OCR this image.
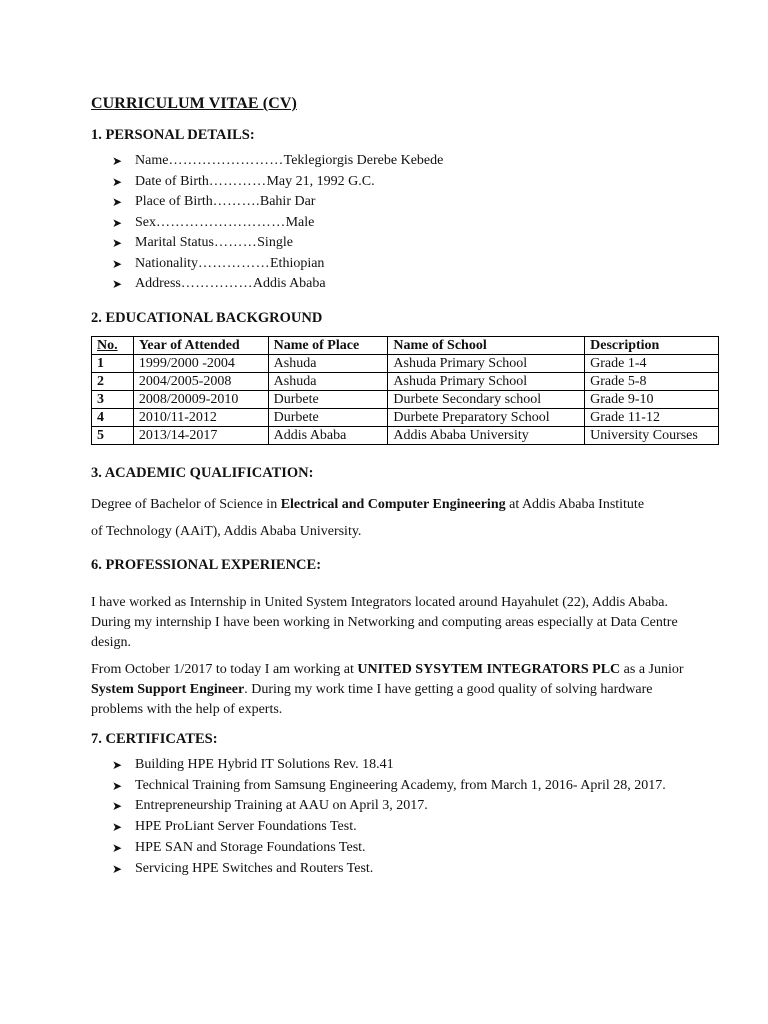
CURRICULUM VITAE (CV)
1. PERSONAL DETAILS:
➤ Name……………………Teklegiorgis Derebe Kebede
➤ Date of Birth…………May 21, 1992 G.C.
➤ Place of Birth……….Bahir Dar
➤ Sex………………………Male
➤ Marital Status………Single
➤ Nationality……………Ethiopian
➤ Address……………Addis Ababa
2. EDUCATIONAL BACKGROUND
No.	Year of Attended	Name of Place	Name of School	Description
1	1999/2000 -2004	Ashuda	Ashuda Primary School	Grade 1-4
2	2004/2005-2008	Ashuda	Ashuda Primary School	Grade 5-8
3	2008/20009-2010	Durbete	Durbete Secondary school	Grade 9-10
4	2010/11-2012	Durbete	Durbete Preparatory School	Grade 11-12
5	2013/14-2017	Addis Ababa	Addis Ababa University	University Courses
3. ACADEMIC QUALIFICATION:

Degree of Bachelor of Science in Electrical and Computer Engineering at Addis Ababa Institute of Technology (AAiT), Addis Ababa University.

6. PROFESSIONAL EXPERIENCE:

I have worked as Internship in United System Integrators located around Hayahulet (22), Addis Ababa. During my internship I have been working in Networking and computing areas especially at Data Centre design.

From October 1/2017 to today I am working at UNITED SYSYTEM INTEGRATORS PLC as a Junior System Support Engineer. During my work time I have getting a good quality of solving hardware problems with the help of experts.

7. CERTIFICATES:
➤ Building HPE Hybrid IT Solutions Rev. 18.41
➤ Technical Training from Samsung Engineering Academy, from March 1, 2016- April 28, 2017.
➤ Entrepreneurship Training at AAU on April 3, 2017.
➤ HPE ProLiant Server Foundations Test.
➤ HPE SAN and Storage Foundations Test.
➤ Servicing HPE Switches and Routers Test.
